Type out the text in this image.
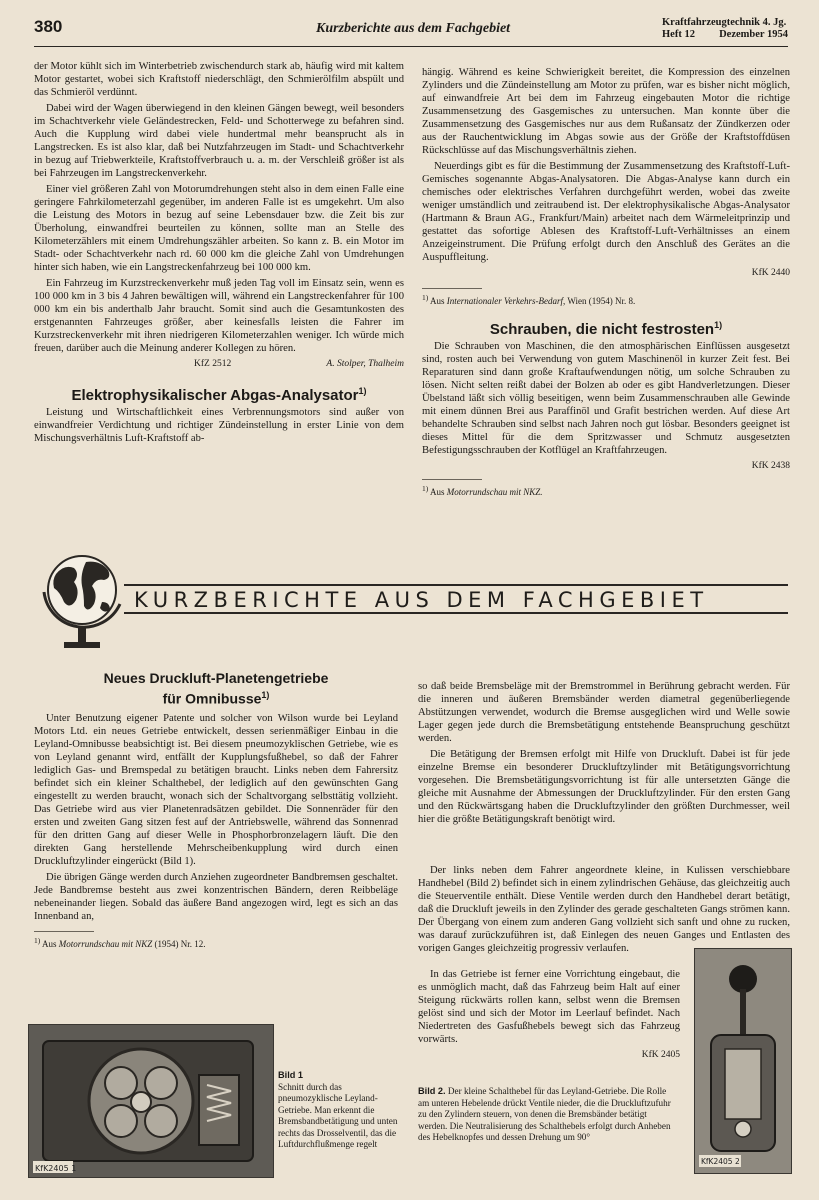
380	Kurzberichte aus dem Fachgebiet	Kraftfahrzeugtechnik 4. Jg.
Heft 12 Dezember 1954

der Motor kühlt sich im Winterbetrieb zwischendurch stark ab, häufig wird mit kaltem Motor gestartet, wobei sich Kraftstoff niederschlägt, den Schmierölfilm abspült und das Schmieröl verdünnt.

Dabei wird der Wagen überwiegend in den kleinen Gängen bewegt, weil besonders im Schachtverkehr viele Geländestrecken, Feld- und Schotterwege zu befahren sind. Auch die Kupplung wird dabei viele hundertmal mehr beansprucht als in Langstrecken. Es ist also klar, daß bei Nutzfahrzeugen im Stadt- und Schachtverkehr in bezug auf Triebwerkteile, Kraftstoffverbrauch u. a. m. der Verschleiß größer ist als bei Fahrzeugen im Langstreckenverkehr.

Einer viel größeren Zahl von Motorumdrehungen steht also in dem einen Falle eine geringere Fahrkilometerzahl gegenüber, im anderen Falle ist es umgekehrt. Um also die Leistung des Motors in bezug auf seine Lebensdauer bzw. die Zeit bis zur Überholung, einwandfrei beurteilen zu können, sollte man an Stelle des Kilometerzählers mit einem Umdrehungszähler arbeiten. So kann z. B. ein Motor im Stadt- oder Schachtverkehr nach rd. 60 000 km die gleiche Zahl von Umdrehungen hinter sich haben, wie ein Langstreckenfahrzeug bei 100 000 km.

Ein Fahrzeug im Kurzstreckenverkehr muß jeden Tag voll im Einsatz sein, wenn es 100 000 km in 3 bis 4 Jahren bewältigen will, während ein Langstreckenfahrer für 100 000 km ein bis anderthalb Jahr braucht. Somit sind auch die Gesamtunkosten des erstgenannten Fahrzeuges größer, aber keinesfalls leisten die Fahrer im Kurzstreckenverkehr mit ihren niedrigeren Kilometerzahlen weniger. Ich würde mich freuen, darüber auch die Meinung anderer Kollegen zu hören.

KfZ 2512	A. Stolper, Thalheim
Elektrophysikalischer Abgas-Analysator$^{1)}$

Leistung und Wirtschaftlichkeit eines Verbrennungsmotors sind außer von einwandfreier Verdichtung und richtiger Zündeinstellung in erster Linie von dem Mischungsverhältnis Luft-Kraftstoff ab-

hängig. Während es keine Schwierigkeit bereitet, die Kompression des einzelnen Zylinders und die Zündeinstellung am Motor zu prüfen, war es bisher nicht möglich, auf einwandfreie Art bei dem im Fahrzeug eingebauten Motor die richtige Zusammensetzung des Gasgemisches zu untersuchen. Man konnte über die Zusammensetzung des Gasgemisches nur aus dem Rußansatz der Zündkerzen oder aus der Rauchentwicklung im Abgas sowie aus der Größe der Kraftstoffdüsen Rückschlüsse auf das Mischungsverhältnis ziehen.

Neuerdings gibt es für die Bestimmung der Zusammensetzung des Kraftstoff-Luft-Gemisches sogenannte Abgas-Analysatoren. Die Abgas-Analyse kann durch ein chemisches oder elektrisches Verfahren durchgeführt werden, wobei das zweite weniger umständlich und zeitraubend ist. Der elektrophysikalische Abgas-Analysator (Hartmann & Braun AG., Frankfurt/Main) arbeitet nach dem Wärmeleitprinzip und gestattet das sofortige Ablesen des Kraftstoff-Luft-Verhältnisses an einem Anzeigeinstrument. Die Prüfung erfolgt durch den Anschluß des Gerätes an die Auspuffleitung.

KfK 2440
$^{1)}$ Aus Internationaler Verkehrs-Bedarf, Wien (1954) Nr. 8.
Schrauben, die nicht festrosten$^{1)}$

Die Schrauben von Maschinen, die den atmosphärischen Einflüssen ausgesetzt sind, rosten auch bei Verwendung von gutem Maschinenöl in kurzer Zeit fest. Bei Reparaturen sind dann große Kraftaufwendungen nötig, um solche Schrauben zu lösen. Nicht selten reißt dabei der Bolzen ab oder es gibt Handverletzungen. Dieser Übelstand läßt sich völlig beseitigen, wenn beim Zusammenschrauben alle Gewinde mit einem dünnen Brei aus Paraffinöl und Grafit bestrichen werden. Auf diese Art behandelte Schrauben sind selbst nach Jahren noch gut lösbar. Besonders geeignet ist dieses Mittel für die dem Spritzwasser und Schmutz ausgesetzten Befestigungsschrauben der Kotflügel an Kraftfahrzeugen.

KfK 2438
$^{1)}$ Aus Motorrundschau mit NKZ.
KURZBERICHTE AUS DEM FACHGEBIET
Neues Druckluft-Planetengetriebe
für Omnibusse$^{1)}$

Unter Benutzung eigener Patente und solcher von Wilson wurde bei Leyland Motors Ltd. ein neues Getriebe entwickelt, dessen serienmäßiger Einbau in die Leyland-Omnibusse beabsichtigt ist. Bei diesem pneumozyklischen Getriebe, wie es von Leyland genannt wird, entfällt der Kupplungsfußhebel, so daß der Fahrer lediglich Gas- und Bremspedal zu betätigen braucht. Links neben dem Fahrersitz befindet sich ein kleiner Schalthebel, der lediglich auf den gewünschten Gang eingestellt zu werden braucht, wonach sich der Schaltvorgang selbsttätig vollzieht. Das Getriebe wird aus vier Planetenradsätzen gebildet. Die Sonnenräder für den ersten und zweiten Gang sitzen fest auf der Antriebswelle, während das Sonnenrad für den dritten Gang auf dieser Welle in Phosphorbronzelagern läuft. Die den direkten Gang herstellende Mehrscheibenkupplung wird durch einen Druckluftzylinder eingerückt (Bild 1).

Die übrigen Gänge werden durch Anziehen zugeordneter Bandbremsen geschaltet. Jede Bandbremse besteht aus zwei konzentrischen Bändern, deren Reibbeläge nebeneinander liegen. Sobald das äußere Band angezogen wird, legt es sich an das Innenband an,

$^{1)}$ Aus Motorrundschau mit NKZ (1954) Nr. 12.

so daß beide Bremsbeläge mit der Bremstrommel in Berührung gebracht werden. Für die inneren und äußeren Bremsbänder werden diametral gegenüberliegende Abstützungen verwendet, wodurch die Bremse ausgeglichen wird und Welle sowie Lager gegen jede durch die Bremsbetätigung entstehende Beanspruchung geschützt werden.

Die Betätigung der Bremsen erfolgt mit Hilfe von Druckluft. Dabei ist für jede einzelne Bremse ein besonderer Druckluftzylinder mit Betätigungsvorrichtung vorgesehen. Die Bremsbetätigungsvorrichtung ist für alle untersetzten Gänge die gleiche mit Ausnahme der Abmessungen der Druckluftzylinder. Für den ersten Gang und den Rückwärtsgang haben die Druckluftzylinder den größten Durchmesser, weil hier die größte Betätigungskraft benötigt wird.

Der links neben dem Fahrer angeordnete kleine, in Kulissen verschiebbare Handhebel (Bild 2) befindet sich in einem zylindrischen Gehäuse, das gleichzeitig auch die Steuerventile enthält. Diese Ventile werden durch den Handhebel derart betätigt, daß die Druckluft jeweils in den Zylinder des gerade geschalteten Gangs strömen kann. Der Übergang von einem zum anderen Gang vollzieht sich sanft und ohne zu rucken, was darauf zurückzuführen ist, daß Einlegen des neuen Ganges und Entlasten des vorigen Ganges gleichzeitig progressiv verlaufen.

In das Getriebe ist ferner eine Vorrichtung eingebaut, die es unmöglich macht, daß das Fahrzeug beim Halt auf einer Steigung rückwärts rollen kann, selbst wenn die Bremsen gelöst sind und sich der Motor im Leerlauf befindet. Nach Niedertreten des Gasfußhebels bewegt sich das Fahrzeug vorwärts.

KfK 2405
KfK2405 1
Bild 1
Schnitt durch das pneumozyklische Leyland-Getriebe. Man erkennt die Bremsbandbetätigung und unten rechts das Drosselventil, das die Luftdurchflußmenge regelt
Bild 2. Der kleine Schalthebel für das Leyland-Getriebe. Die Rolle am unteren Hebelende drückt Ventile nieder, die die Druckluftzufuhr zu den Zylindern steuern, von denen die Bremsbänder betätigt werden. Die Neutralisierung des Schalthebels erfolgt durch Anheben des Hebelknopfes und dessen Drehung um 90°
KfK2405 2
